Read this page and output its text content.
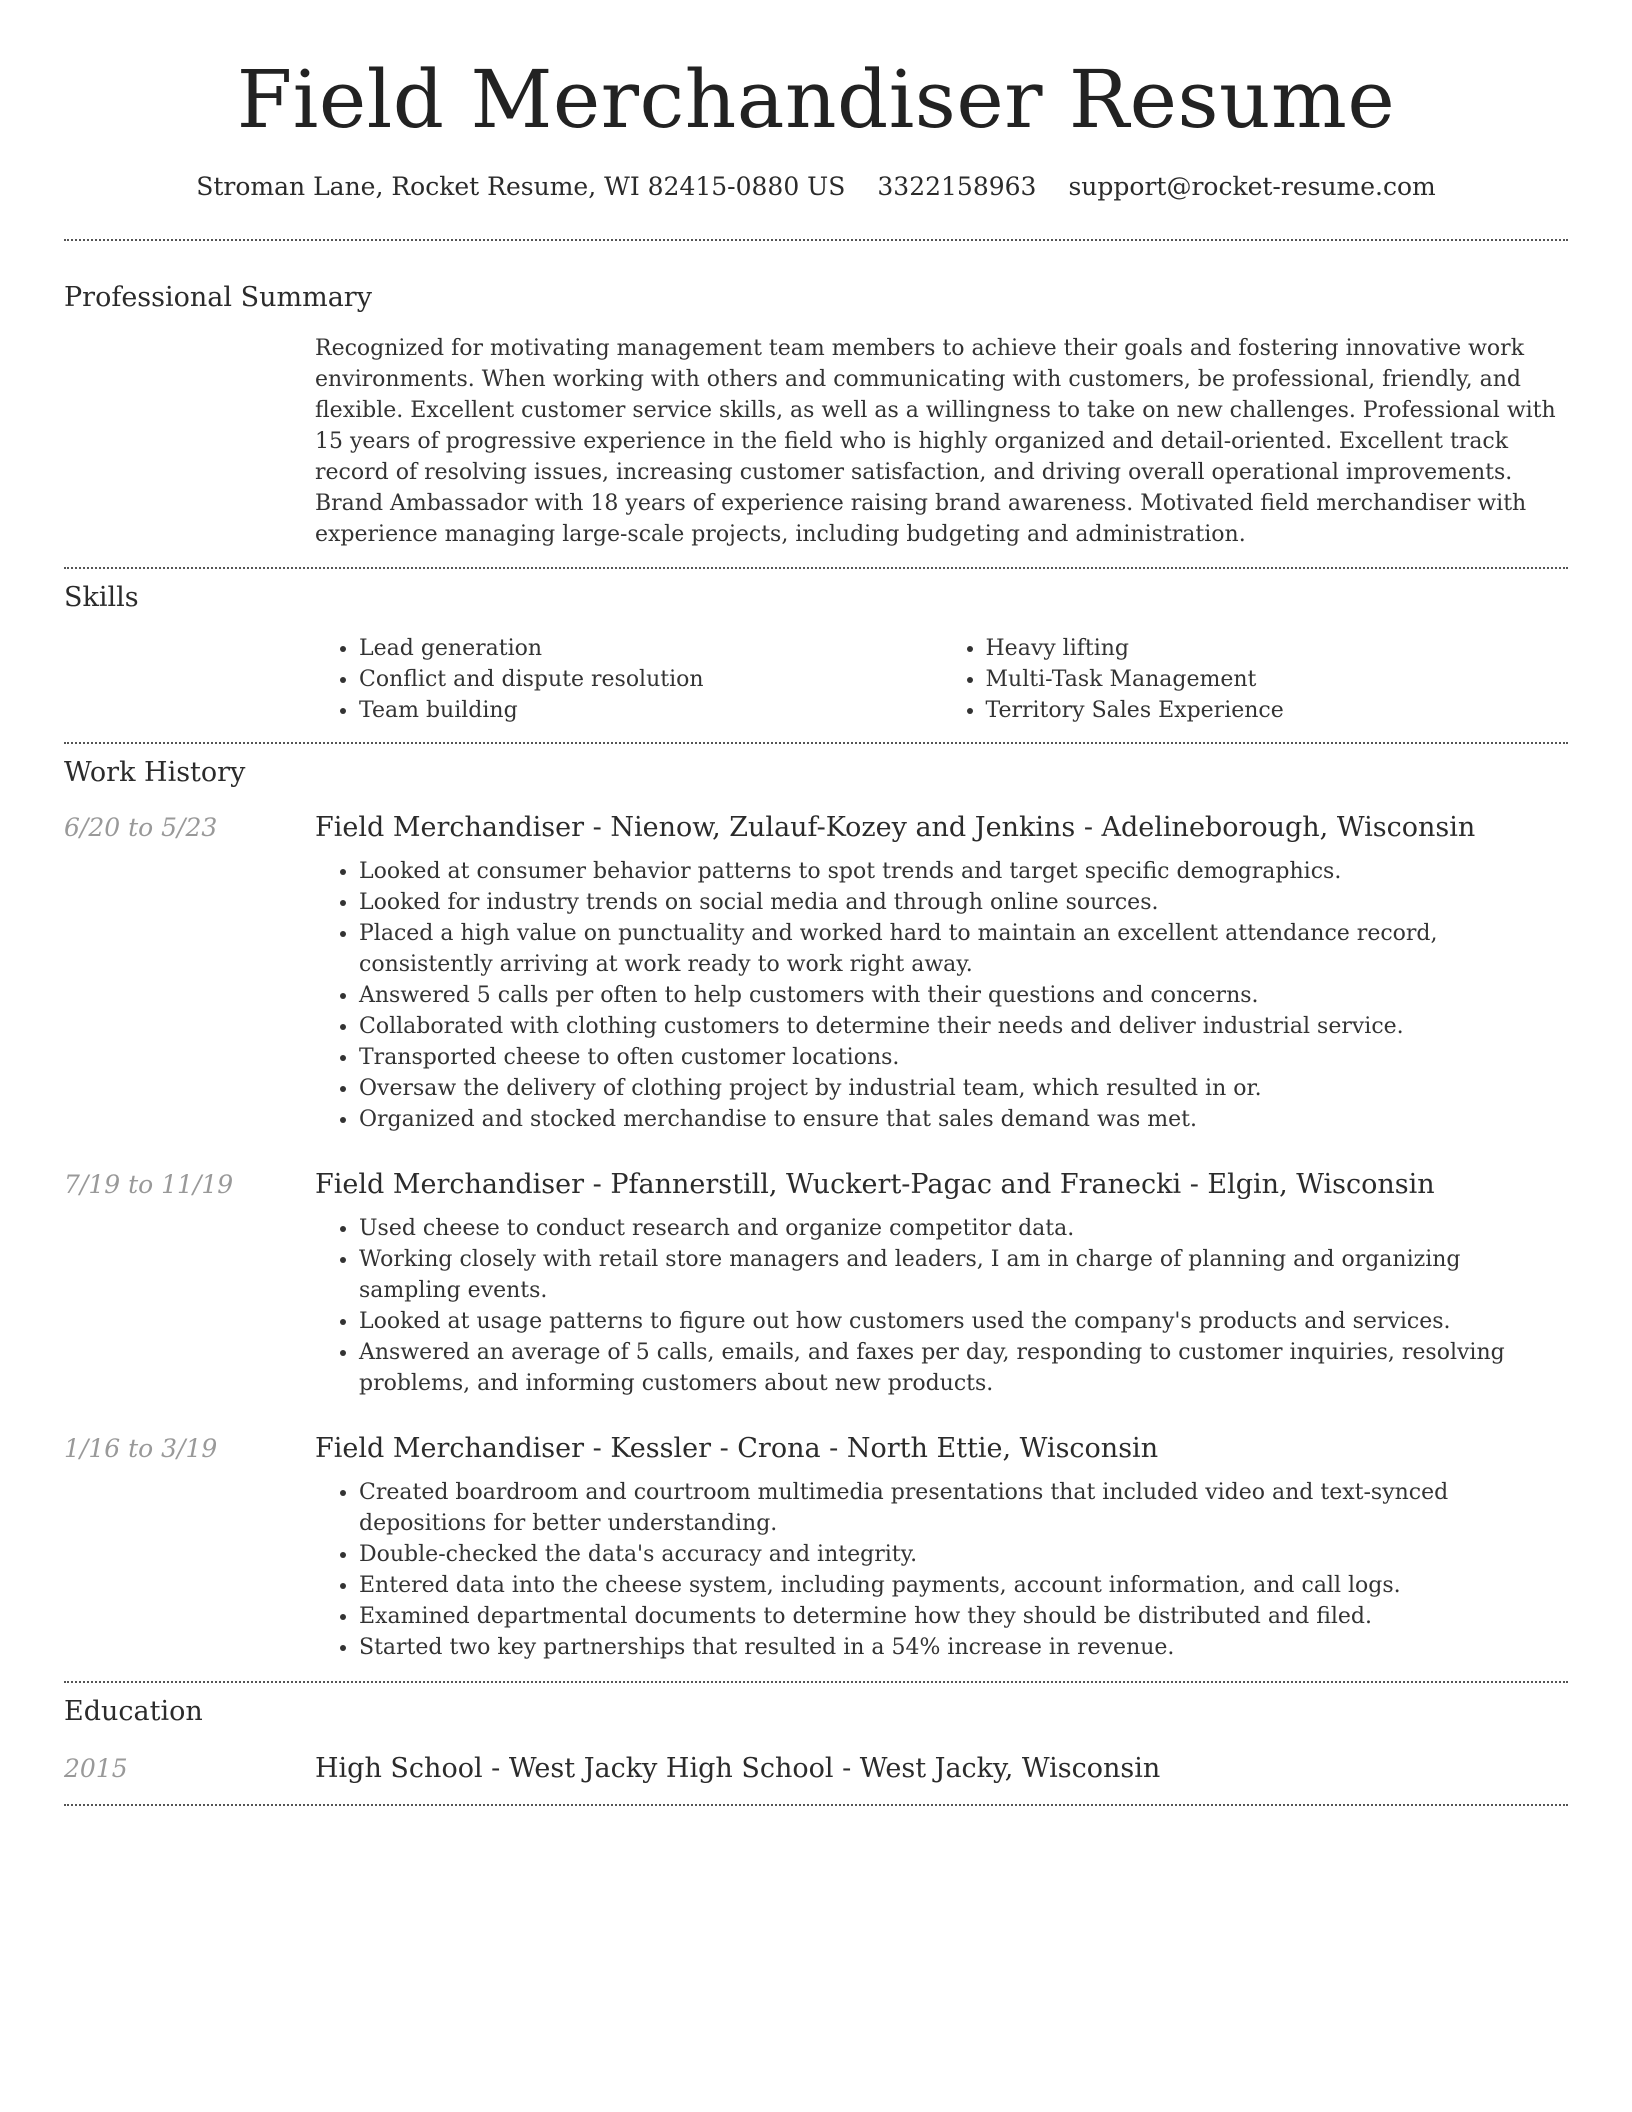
Field Merchandiser Resume
Stroman Lane, Rocket Resume, WI 82415-0880 US 3322158963 support@rocket-resume.com
Professional Summary

Recognized for motivating management team members to achieve their goals and fostering innovative work environments. When working with others and communicating with customers, be professional, friendly, and flexible. Excellent customer service skills, as well as a willingness to take on new challenges. Professional with 15 years of progressive experience in the field who is highly organized and detail-oriented. Excellent track record of resolving issues, increasing customer satisfaction, and driving overall operational improvements. Brand Ambassador with 18 years of experience raising brand awareness. Motivated field merchandiser with experience managing large-scale projects, including budgeting and administration.

Skills
• Lead generation
• Conflict and dispute resolution
• Team building
• Heavy lifting
• Multi-Task Management
• Territory Sales Experience
Work History
6/20 to 5/23	Field Merchandiser - Nienow, Zulauf-Kozey and Jenkins - Adelineborough, Wisconsin
• Looked at consumer behavior patterns to spot trends and target specific demographics.
• Looked for industry trends on social media and through online sources.
• Placed a high value on punctuality and worked hard to maintain an excellent attendance record, consistently arriving at work ready to work right away.
• Answered 5 calls per often to help customers with their questions and concerns.
• Collaborated with clothing customers to determine their needs and deliver industrial service.
• Transported cheese to often customer locations.
• Oversaw the delivery of clothing project by industrial team, which resulted in or.
• Organized and stocked merchandise to ensure that sales demand was met.
7/19 to 11/19	Field Merchandiser - Pfannerstill, Wuckert-Pagac and Franecki - Elgin, Wisconsin
• Used cheese to conduct research and organize competitor data.
• Working closely with retail store managers and leaders, I am in charge of planning and organizing sampling events.
• Looked at usage patterns to figure out how customers used the company's products and services.
• Answered an average of 5 calls, emails, and faxes per day, responding to customer inquiries, resolving problems, and informing customers about new products.
1/16 to 3/19	Field Merchandiser - Kessler - Crona - North Ettie, Wisconsin
• Created boardroom and courtroom multimedia presentations that included video and text-synced depositions for better understanding.
• Double-checked the data's accuracy and integrity.
• Entered data into the cheese system, including payments, account information, and call logs.
• Examined departmental documents to determine how they should be distributed and filed.
• Started two key partnerships that resulted in a 54% increase in revenue.
Education
2015	High School - West Jacky High School - West Jacky, Wisconsin
